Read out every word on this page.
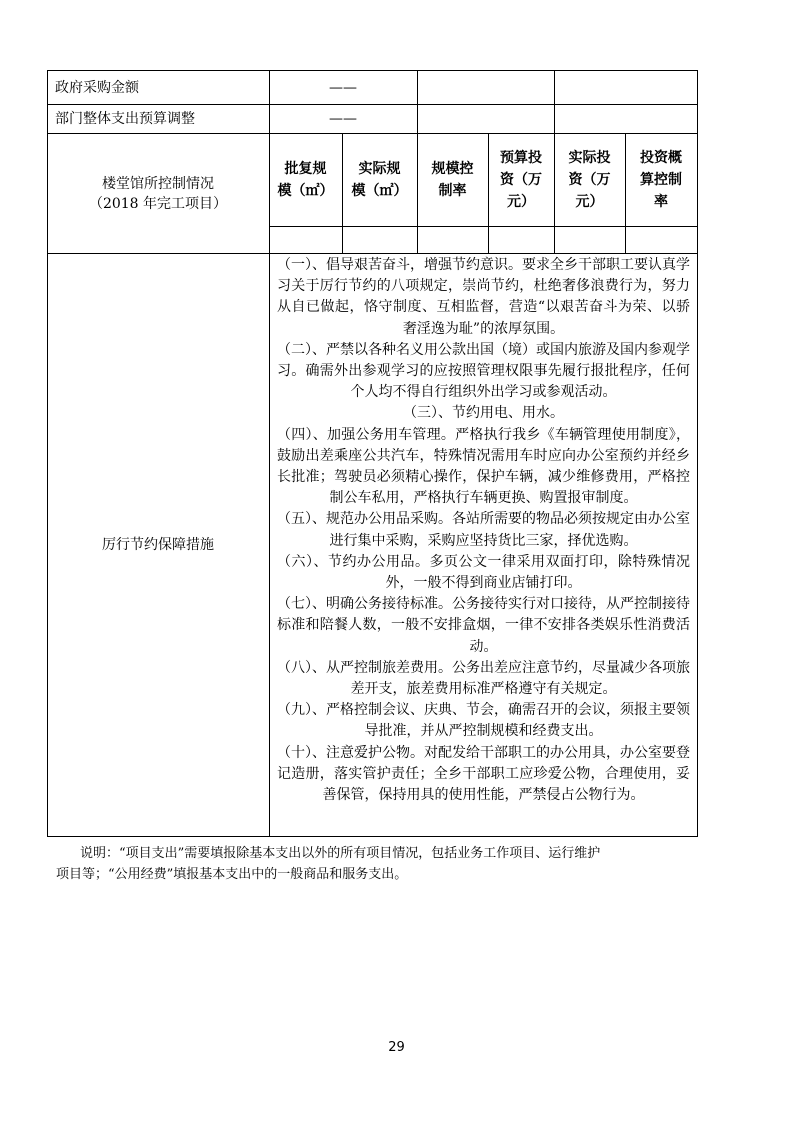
政府采购金额	——
部门整体支出预算调整	——
楼堂馆所控制情况
（2018 年完工项目）
批复规
模（㎡）
实际规
模（㎡）
规模控
制率
预算投
资（万
元）
实际投
资（万
元）
投资概
算控制
率
厉行节约保障措施

（一）、倡导艰苦奋斗，增强节约意识。要求全乡干部职工要认真学习关于厉行节约的八项规定，崇尚节约，杜绝奢侈浪费行为，努力从自已做起，恪守制度、互相监督，营造“以艰苦奋斗为荣、以骄奢淫逸为耻”的浓厚氛围。

（二）、严禁以各种名义用公款出国（境）或国内旅游及国内参观学习。确需外出参观学习的应按照管理权限事先履行报批程序，任何个人均不得自行组织外出学习或参观活动。

（三）、节约用电、用水。

（四）、加强公务用车管理。严格执行我乡《车辆管理使用制度》，鼓励出差乘座公共汽车，特殊情况需用车时应向办公室预约并经乡长批准；驾驶员必须精心操作，保护车辆，减少维修费用，严格控制公车私用，严格执行车辆更换、购置报审制度。

（五）、规范办公用品采购。各站所需要的物品必须按规定由办公室进行集中采购，采购应坚持货比三家，择优选购。

（六）、节约办公用品。多页公文一律采用双面打印，除特殊情况外，一般不得到商业店铺打印。

（七）、明确公务接待标准。公务接待实行对口接待，从严控制接待标准和陪餐人数，一般不安排盒烟，一律不安排各类娱乐性消费活动。

（八）、从严控制旅差费用。公务出差应注意节约，尽量减少各项旅差开支，旅差费用标准严格遵守有关规定。

（九）、严格控制会议、庆典、节会，确需召开的会议，须报主要领导批准，并从严控制规模和经费支出。

（十）、注意爱护公物。对配发给干部职工的办公用具，办公室要登记造册，落实管护责任；全乡干部职工应珍爱公物，合理使用，妥善保管，保持用具的使用性能，严禁侵占公物行为。

说明：“项目支出”需要填报除基本支出以外的所有项目情况，包括业务工作项目、运行维护

项目等；“公用经费”填报基本支出中的一般商品和服务支出。

29
